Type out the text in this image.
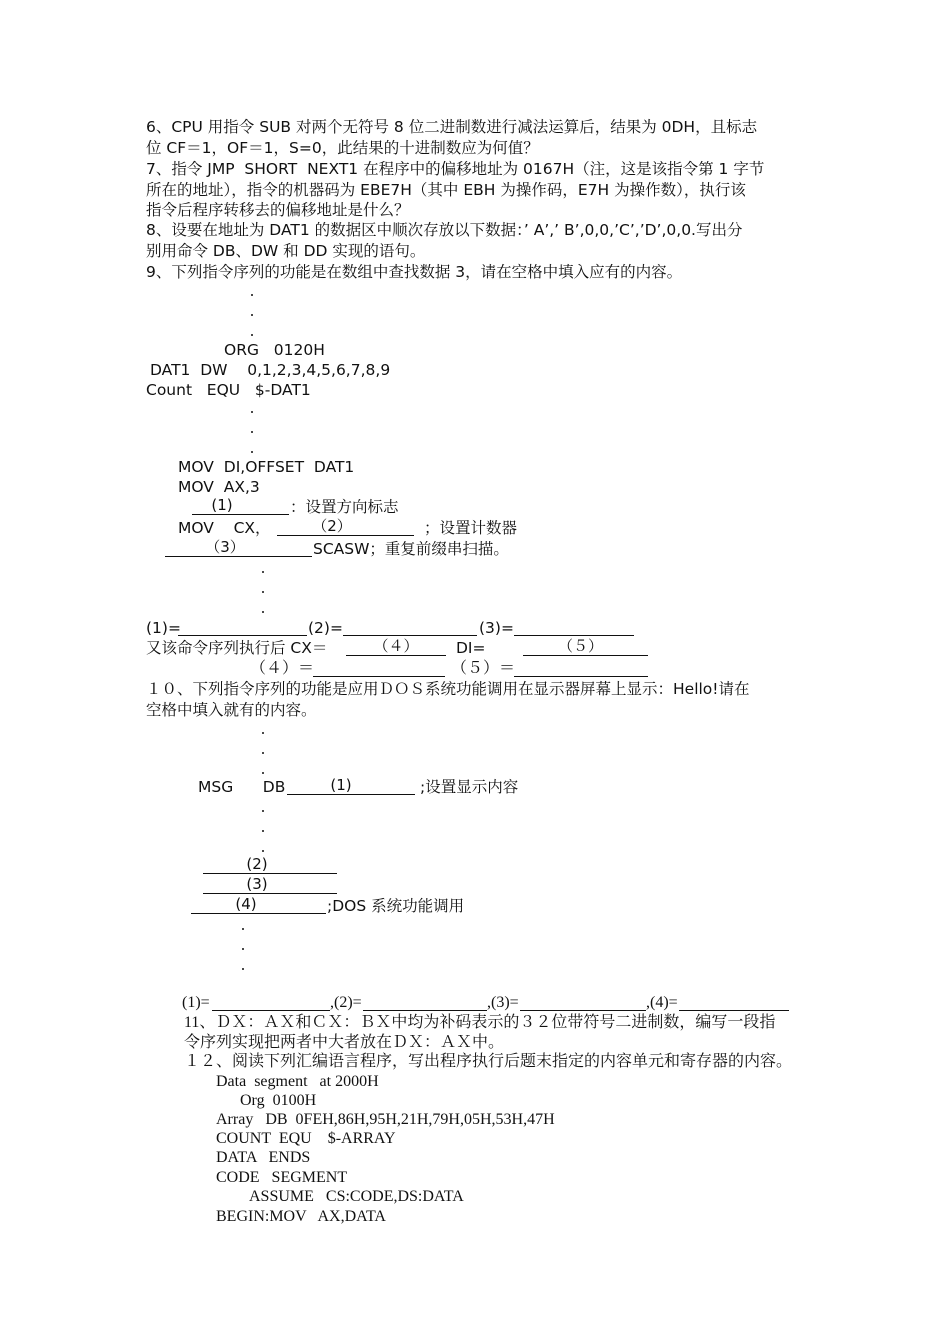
6、CPU 用指令 SUB 对两个无符号 8 位二进制数进行减法运算后，结果为 0DH，且标志
位 CF＝1，OF＝1，S=0，此结果的十进制数应为何值？
7、指令 JMP  SHORT  NEXT1 在程序中的偏移地址为 0167H（注，这是该指令第 1 字节
所在的地址），指令的机器码为 EBE7H（其中 EBH 为操作码，E7H 为操作数），执行该
指令后程序转移去的偏移地址是什么？
8、设要在地址为 DAT1 的数据区中顺次存放以下数据：’ A’,’ B’,0,0,’C’,’D’,0,0.写出分
别用命令 DB、DW 和 DD 实现的语句。
9、下列指令序列的功能是在数组中查找数据 3，请在空格中填入应有的内容。
ORG   0120H
DAT1  DW    0,1,2,3,4,5,6,7,8,9
Count   EQU   $-DAT1
MOV  DI,OFFSET  DAT1
MOV  AX,3
(1)	：设置方向标志
MOV    CX，	（2）	；设置计数器
（3）	SCASW；重复前缀串扫描。
(1)=	(2)=	(3)=
又该命令序列执行后 CX＝	（４）	DI=	（５）
（４）＝	（５）＝
１０、下列指令序列的功能是应用ＤＯＳ系统功能调用在显示器屏幕上显示：Hello!请在
空格中填入就有的内容。
MSG      DB	(1)	;设置显示内容
(2)
(3)
(4)	;DOS 系统功能调用
(1)=	,(2)=	,(3)=	,(4)=
11、ＤＸ：ＡＸ和ＣＸ：ＢＸ中均为补码表示的３２位带符号二进制数，编写一段指
令序列实现把两者中大者放在ＤＸ：ＡＸ中。
１２、阅读下列汇编语言程序，写出程序执行后题末指定的内容单元和寄存器的内容。
Data  segment   at 2000H
Org  0100H
Array   DB  0FEH,86H,95H,21H,79H,05H,53H,47H
COUNT  EQU    $-ARRAY
DATA   ENDS
CODE   SEGMENT
ASSUME   CS:CODE,DS:DATA
BEGIN:MOV   AX,DATA
